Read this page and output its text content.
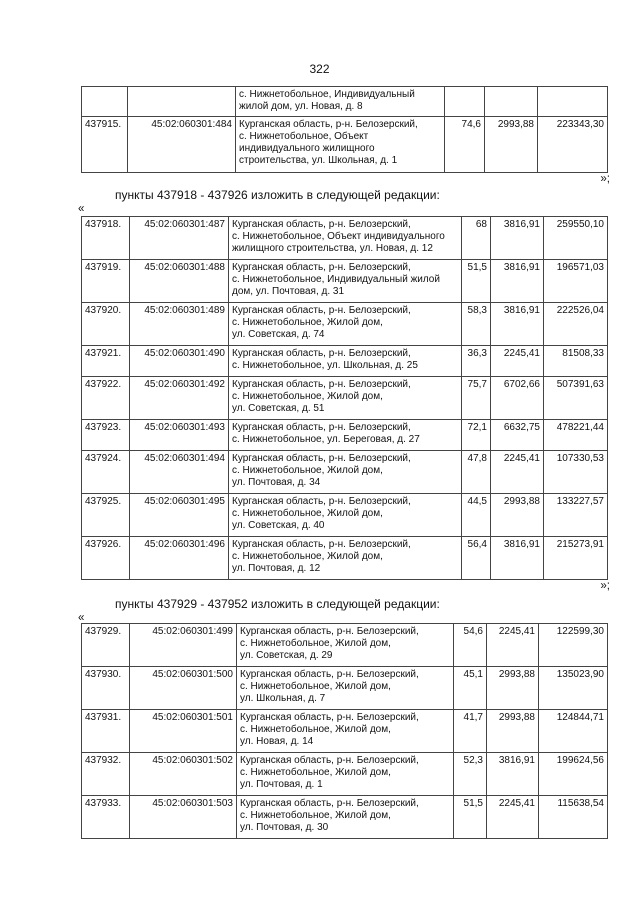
322
		с. Нижнетобольное, Индивидуальный
жилой дом, ул. Новая, д. 8			
437915.	45:02:060301:484	Курганская область, р-н. Белозерский,
с. Нижнетобольное, Объект
индивидуального жилищного
строительства, ул. Школьная, д. 1	74,6	2993,88	223343,30
»;
пункты 437918 - 437926 изложить в следующей редакции:
«
437918.	45:02:060301:487	Курганская область, р-н. Белозерский,
с. Нижнетобольное, Объект индивидуального
жилищного строительства, ул. Новая, д. 12	68	3816,91	259550,10
437919.	45:02:060301:488	Курганская область, р-н. Белозерский,
с. Нижнетобольное, Индивидуальный жилой
дом, ул. Почтовая, д. 31	51,5	3816,91	196571,03
437920.	45:02:060301:489	Курганская область, р-н. Белозерский,
с. Нижнетобольное, Жилой дом,
ул. Советская, д. 74	58,3	3816,91	222526,04
437921.	45:02:060301:490	Курганская область, р-н. Белозерский,
с. Нижнетобольное, ул. Школьная, д. 25	36,3	2245,41	81508,33
437922.	45:02:060301:492	Курганская область, р-н. Белозерский,
с. Нижнетобольное, Жилой дом,
ул. Советская, д. 51	75,7	6702,66	507391,63
437923.	45:02:060301:493	Курганская область, р-н. Белозерский,
с. Нижнетобольное, ул. Береговая, д. 27	72,1	6632,75	478221,44
437924.	45:02:060301:494	Курганская область, р-н. Белозерский,
с. Нижнетобольное, Жилой дом,
ул. Почтовая, д. 34	47,8	2245,41	107330,53
437925.	45:02:060301:495	Курганская область, р-н. Белозерский,
с. Нижнетобольное, Жилой дом,
ул. Советская, д. 40	44,5	2993,88	133227,57
437926.	45:02:060301:496	Курганская область, р-н. Белозерский,
с. Нижнетобольное, Жилой дом,
ул. Почтовая, д. 12	56,4	3816,91	215273,91
»;
пункты 437929 - 437952 изложить в следующей редакции:
«
437929.	45:02:060301:499	Курганская область, р-н. Белозерский,
с. Нижнетобольное, Жилой дом,
ул. Советская, д. 29	54,6	2245,41	122599,30
437930.	45:02:060301:500	Курганская область, р-н. Белозерский,
с. Нижнетобольное, Жилой дом,
ул. Школьная, д. 7	45,1	2993,88	135023,90
437931.	45:02:060301:501	Курганская область, р-н. Белозерский,
с. Нижнетобольное, Жилой дом,
ул. Новая, д. 14	41,7	2993,88	124844,71
437932.	45:02:060301:502	Курганская область, р-н. Белозерский,
с. Нижнетобольное, Жилой дом,
ул. Почтовая, д. 1	52,3	3816,91	199624,56
437933.	45:02:060301:503	Курганская область, р-н. Белозерский,
с. Нижнетобольное, Жилой дом,
ул. Почтовая, д. 30	51,5	2245,41	115638,54
